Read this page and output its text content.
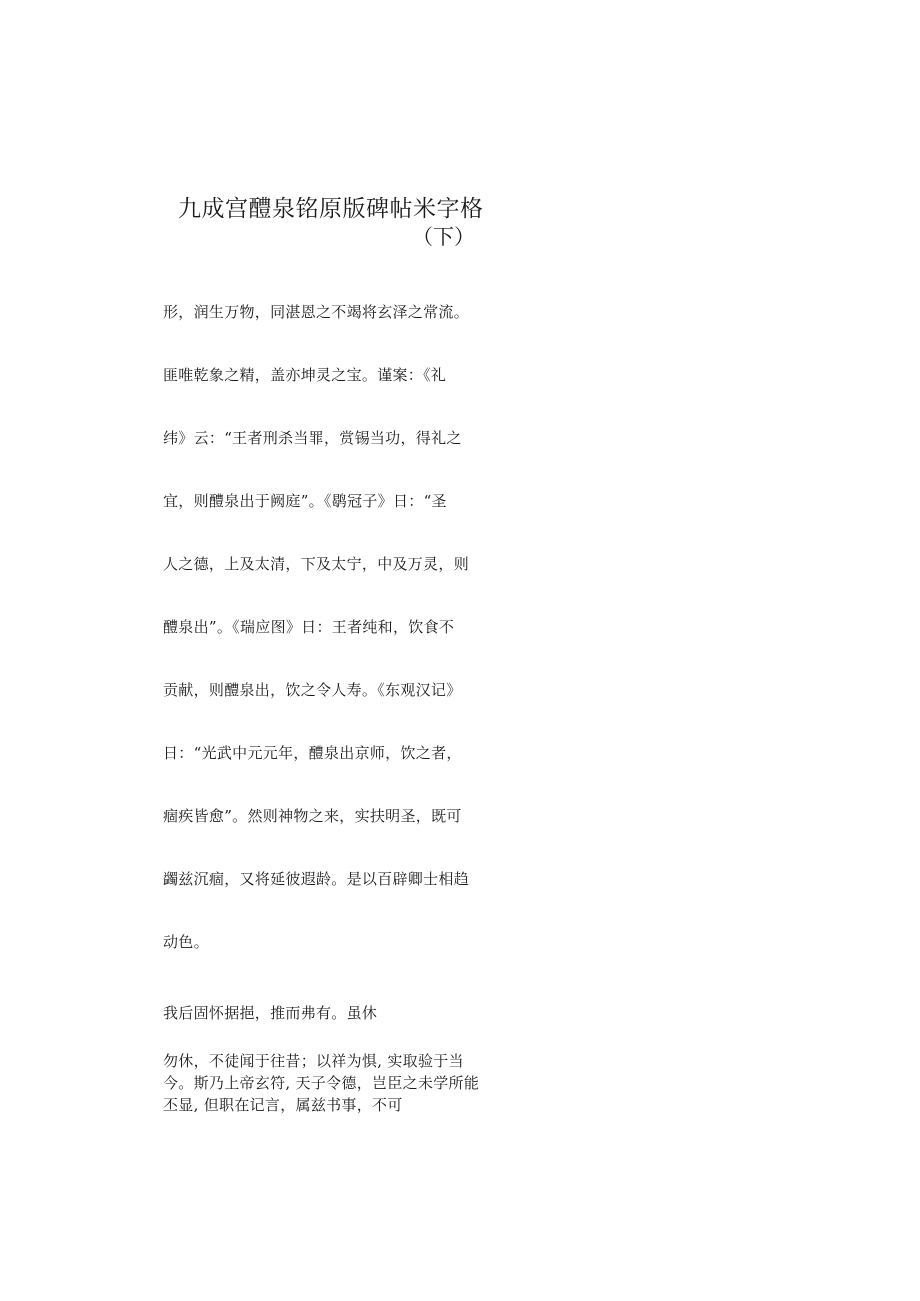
九成宫醴泉铭原版碑帖米字格
（下）
形，润生万物，同湛恩之不竭将玄泽之常流。
匪唯乾象之精，盖亦坤灵之宝。谨案：《礼
纬》云：“王者刑杀当罪，赏锡当功，得礼之
宜，则醴泉出于阙庭”。《鹖冠子》日：“圣
人之德，上及太清，下及太宁，中及万灵，则
醴泉出”。《瑞应图》日：王者纯和，饮食不
贡献，则醴泉出，饮之令人寿。《东观汉记》
日：“光武中元元年，醴泉出京师，饮之者，
痼疾皆愈”。然则神物之来，实扶明圣，既可
蠲兹沉痼，又将延彼遐龄。是以百辟卿士相趋
动色。
我后固怀据挹，推而弗有。虽休
勿休，不徒闻于往昔；以祥为惧, 实取验于当
今。斯乃上帝玄符, 天子令德，岂臣之未学所能
丕显, 但职在记言，属兹书事，不可
